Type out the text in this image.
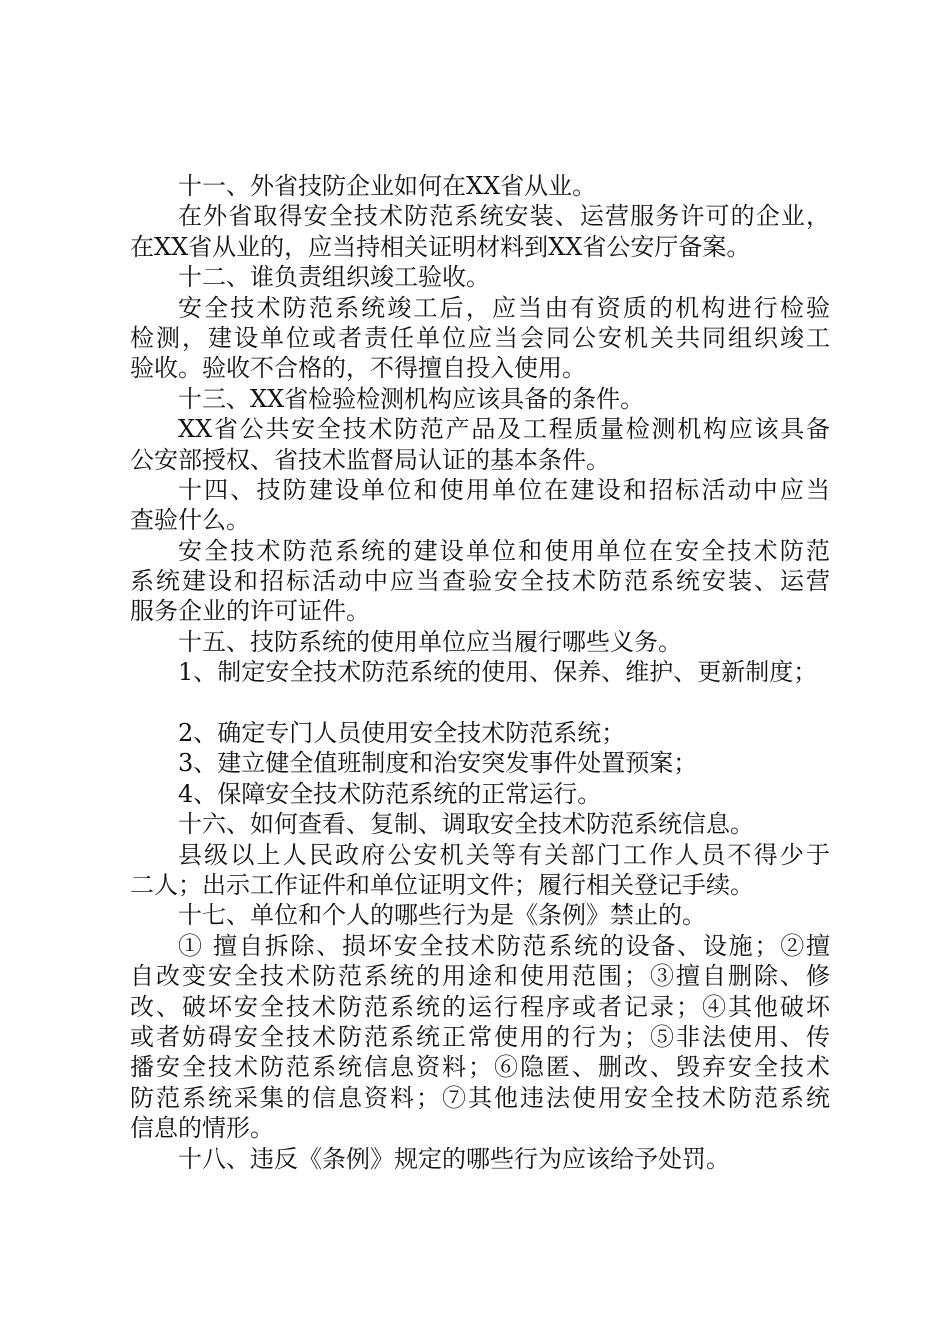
十一、外省技防企业如何在XX省从业。
在外省取得安全技术防范系统安装、运营服务许可的企业，
在XX省从业的，应当持相关证明材料到XX省公安厅备案。
十二、谁负责组织竣工验收。
安全技术防范系统竣工后，应当由有资质的机构进行检验
检测，建设单位或者责任单位应当会同公安机关共同组织竣工
验收。验收不合格的，不得擅自投入使用。
十三、XX省检验检测机构应该具备的条件。
XX省公共安全技术防范产品及工程质量检测机构应该具备
公安部授权、省技术监督局认证的基本条件。
十四、技防建设单位和使用单位在建设和招标活动中应当
查验什么。
安全技术防范系统的建设单位和使用单位在安全技术防范
系统建设和招标活动中应当查验安全技术防范系统安装、运营
服务企业的许可证件。
十五、技防系统的使用单位应当履行哪些义务。
1、制定安全技术防范系统的使用、保养、维护、更新制度；
2、确定专门人员使用安全技术防范系统；
3、建立健全值班制度和治安突发事件处置预案；
4、保障安全技术防范系统的正常运行。
十六、如何查看、复制、调取安全技术防范系统信息。
县级以上人民政府公安机关等有关部门工作人员不得少于
二人；出示工作证件和单位证明文件；履行相关登记手续。
十七、单位和个人的哪些行为是《条例》禁止的。
① 擅自拆除、损坏安全技术防范系统的设备、设施；②擅
自改变安全技术防范系统的用途和使用范围；③擅自删除、修
改、破坏安全技术防范系统的运行程序或者记录；④其他破坏
或者妨碍安全技术防范系统正常使用的行为；⑤非法使用、传
播安全技术防范系统信息资料；⑥隐匿、删改、毁弃安全技术
防范系统采集的信息资料；⑦其他违法使用安全技术防范系统
信息的情形。
十八、违反《条例》规定的哪些行为应该给予处罚。
